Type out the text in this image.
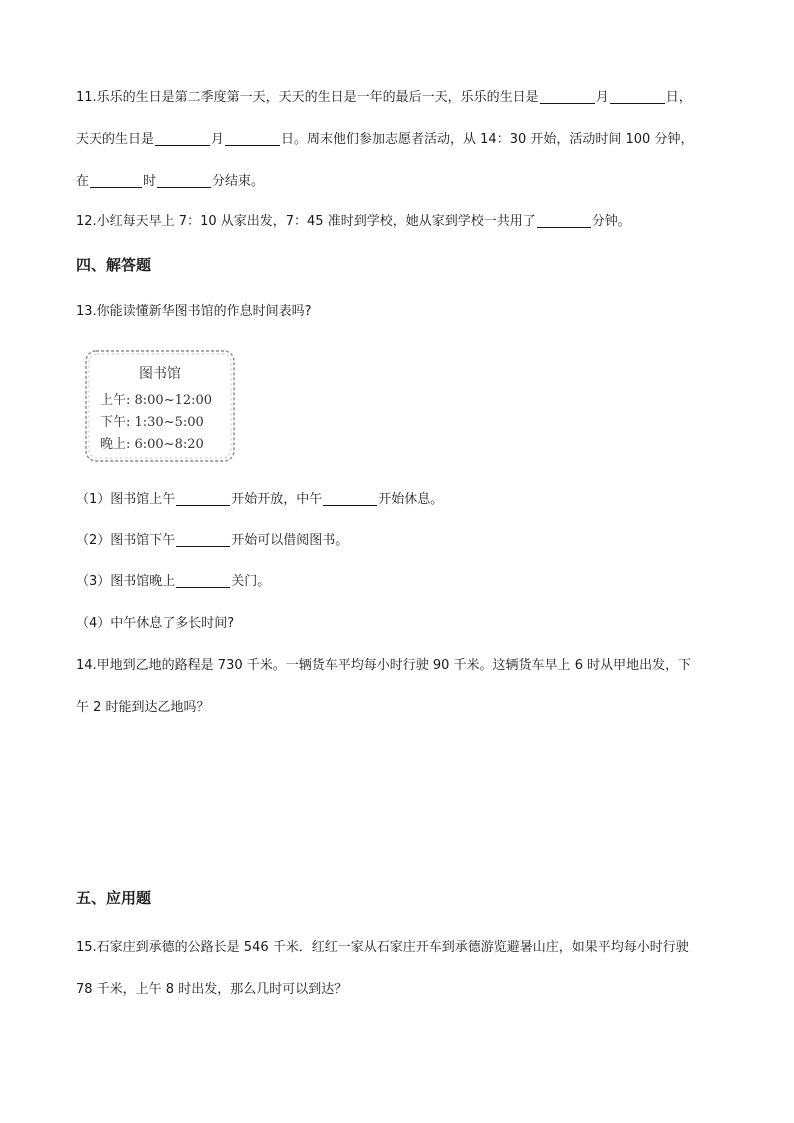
11.乐乐的生日是第二季度第一天，天天的生日是一年的最后一天，乐乐的生日是	月	日，
天天的生日是	月	日。周末他们参加志愿者活动，从 14：30 开始，活动时间 100 分钟，
在	时	分结束。
12.小红每天早上 7：10 从家出发，7：45 准时到学校，她从家到学校一共用了	分钟。
四、解答题
13.你能读懂新华图书馆的作息时间表吗?
图书馆
上午: 8:00~12:00
下午: 1:30~5:00
晚上: 6:00~8:20
（1）图书馆上午	开始开放，中午	开始休息。
（2）图书馆下午	开始可以借阅图书。
（3）图书馆晚上	关门。
（4）中午休息了多长时间?
14.甲地到乙地的路程是 730 千米。一辆货车平均每小时行驶 90 千米。这辆货车早上 6 时从甲地出发，下
午 2 时能到达乙地吗？
五、应用题
15.石家庄到承德的公路长是 546 千米．红红一家从石家庄开车到承德游览避暑山庄，如果平均每小时行驶
78 千米，上午 8 时出发，那么几时可以到达？
